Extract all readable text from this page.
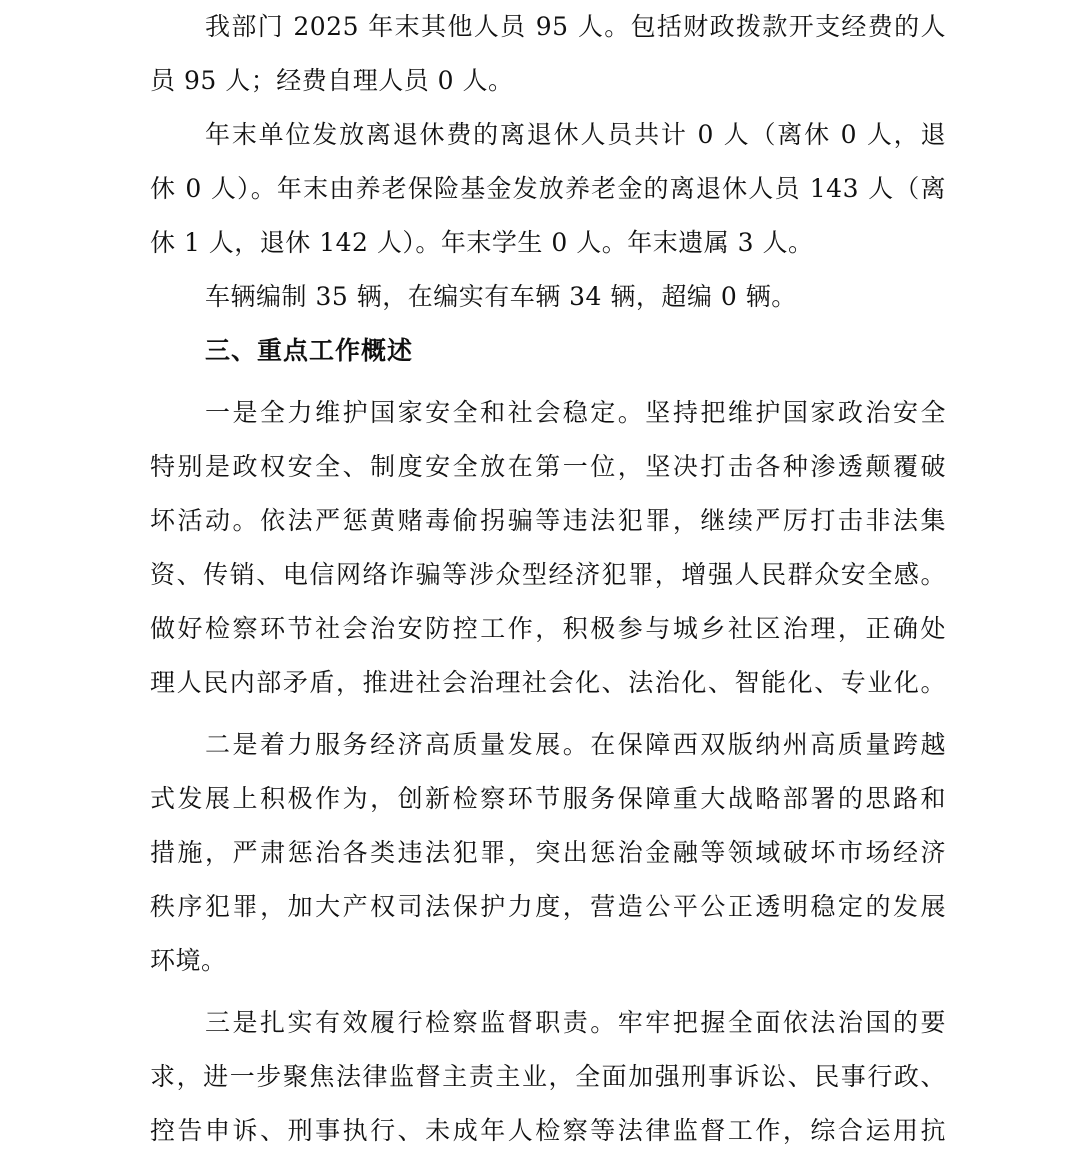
我部门 2025 年末其他人员 95 人。包括财政拨款开支经费的人
员 95 人；经费自理人员 0 人。
年末单位发放离退休费的离退休人员共计 0 人（离休 0 人，退
休 0 人）。年末由养老保险基金发放养老金的离退休人员 143 人（离
休 1 人，退休 142 人）。年末学生 0 人。年末遗属 3 人。
车辆编制 35 辆，在编实有车辆 34 辆，超编 0 辆。
三、重点工作概述
一是全力维护国家安全和社会稳定。坚持把维护国家政治安全
特别是政权安全、制度安全放在第一位，坚决打击各种渗透颠覆破
坏活动。依法严惩黄赌毒偷拐骗等违法犯罪，继续严厉打击非法集
资、传销、电信网络诈骗等涉众型经济犯罪，增强人民群众安全感。
做好检察环节社会治安防控工作，积极参与城乡社区治理，正确处
理人民内部矛盾，推进社会治理社会化、法治化、智能化、专业化。
二是着力服务经济高质量发展。在保障西双版纳州高质量跨越
式发展上积极作为，创新检察环节服务保障重大战略部署的思路和
措施，严肃惩治各类违法犯罪，突出惩治金融等领域破坏市场经济
秩序犯罪，加大产权司法保护力度，营造公平公正透明稳定的发展
环境。
三是扎实有效履行检察监督职责。牢牢把握全面依法治国的要
求，进一步聚焦法律监督主责主业，全面加强刑事诉讼、民事行政、
控告申诉、刑事执行、未成年人检察等法律监督工作，综合运用抗
